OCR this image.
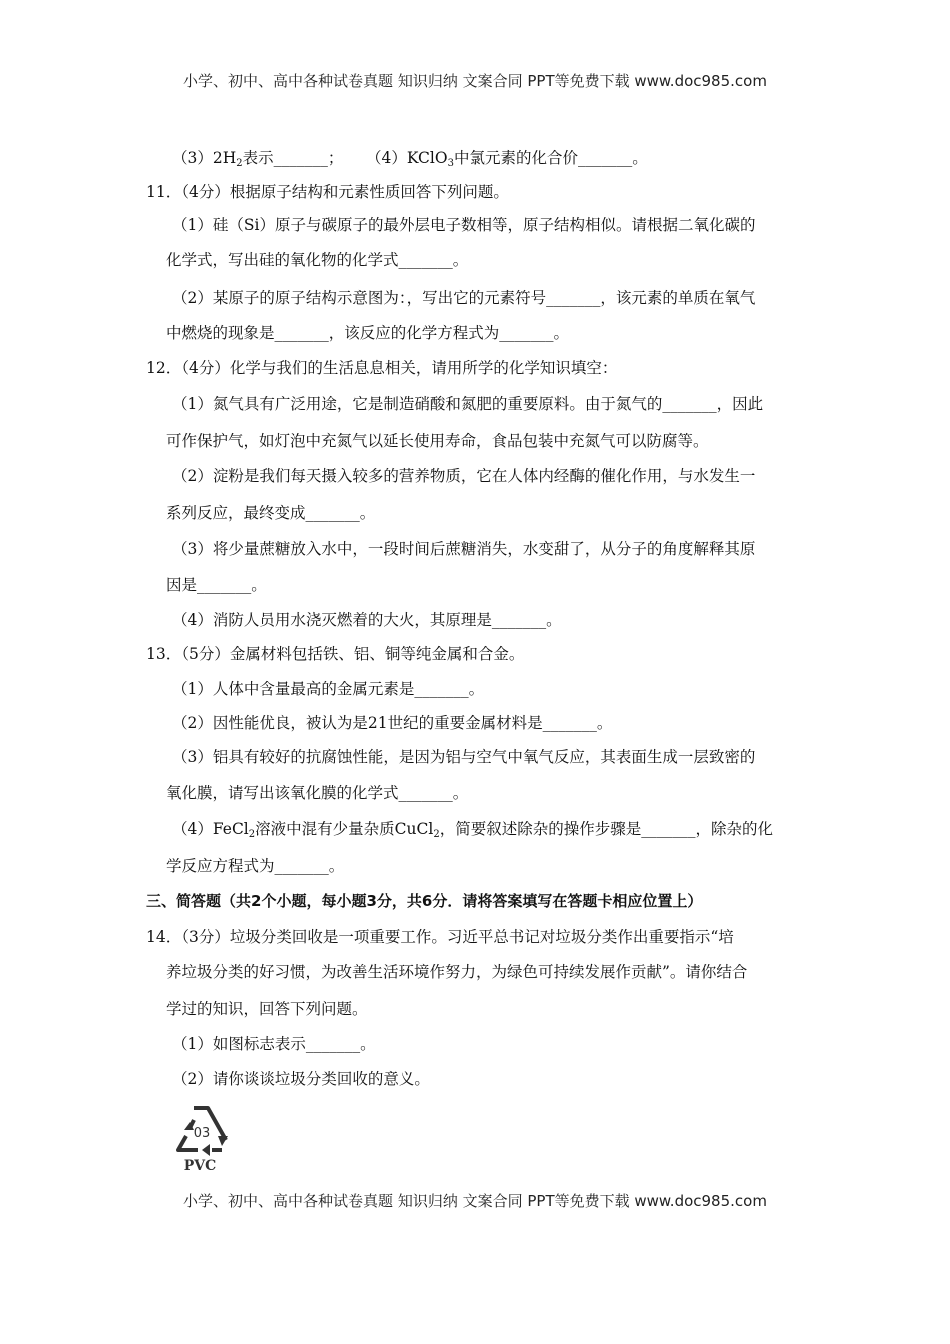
小学、初中、高中各种试卷真题 知识归纳 文案合同 PPT等免费下载 www.doc985.com
$(3)2H_2$表示_______； （4）KClO$_3$中氯元素的化合价_______。
11．（4分）根据原子结构和元素性质回答下列问题。
（1）硅（Si）原子与碳原子的最外层电子数相等，原子结构相似。请根据二氧化碳的
化学式，写出硅的氧化物的化学式_______。
（2）某原子的原子结构示意图为：，写出它的元素符号_______，该元素的单质在氧气
中燃烧的现象是_______，该反应的化学方程式为_______。
12．（4分）化学与我们的生活息息相关，请用所学的化学知识填空：
（1）氮气具有广泛用途，它是制造硝酸和氮肥的重要原料。由于氮气的_______，因此
可作保护气，如灯泡中充氮气以延长使用寿命，食品包装中充氮气可以防腐等。
（2）淀粉是我们每天摄入较多的营养物质，它在人体内经酶的催化作用，与水发生一
系列反应，最终变成_______。
（3）将少量蔗糖放入水中，一段时间后蔗糖消失，水变甜了，从分子的角度解释其原
因是_______。
（4）消防人员用水浇灭燃着的大火，其原理是_______。
13．（5分）金属材料包括铁、铝、铜等纯金属和合金。
（1）人体中含量最高的金属元素是_______。
（2）因性能优良，被认为是21世纪的重要金属材料是_______。
（3）铝具有较好的抗腐蚀性能，是因为铝与空气中氧气反应，其表面生成一层致密的
氧化膜，请写出该氧化膜的化学式_______。
（4）FeCl$_2$溶液中混有少量杂质CuCl$_2$，简要叙述除杂的操作步骤是_______，除杂的化
学反应方程式为_______。
三、简答题（共2个小题，每小题3分，共6分．请将答案填写在答题卡相应位置上）
14．（3分）垃圾分类回收是一项重要工作。习近平总书记对垃圾分类作出重要指示“培
养垃圾分类的好习惯，为改善生活环境作努力，为绿色可持续发展作贡献”。请你结合
学过的知识，回答下列问题。
（1）如图标志表示_______。
（2）请你谈谈垃圾分类回收的意义。
03
PVC
小学、初中、高中各种试卷真题 知识归纳 文案合同 PPT等免费下载 www.doc985.com
